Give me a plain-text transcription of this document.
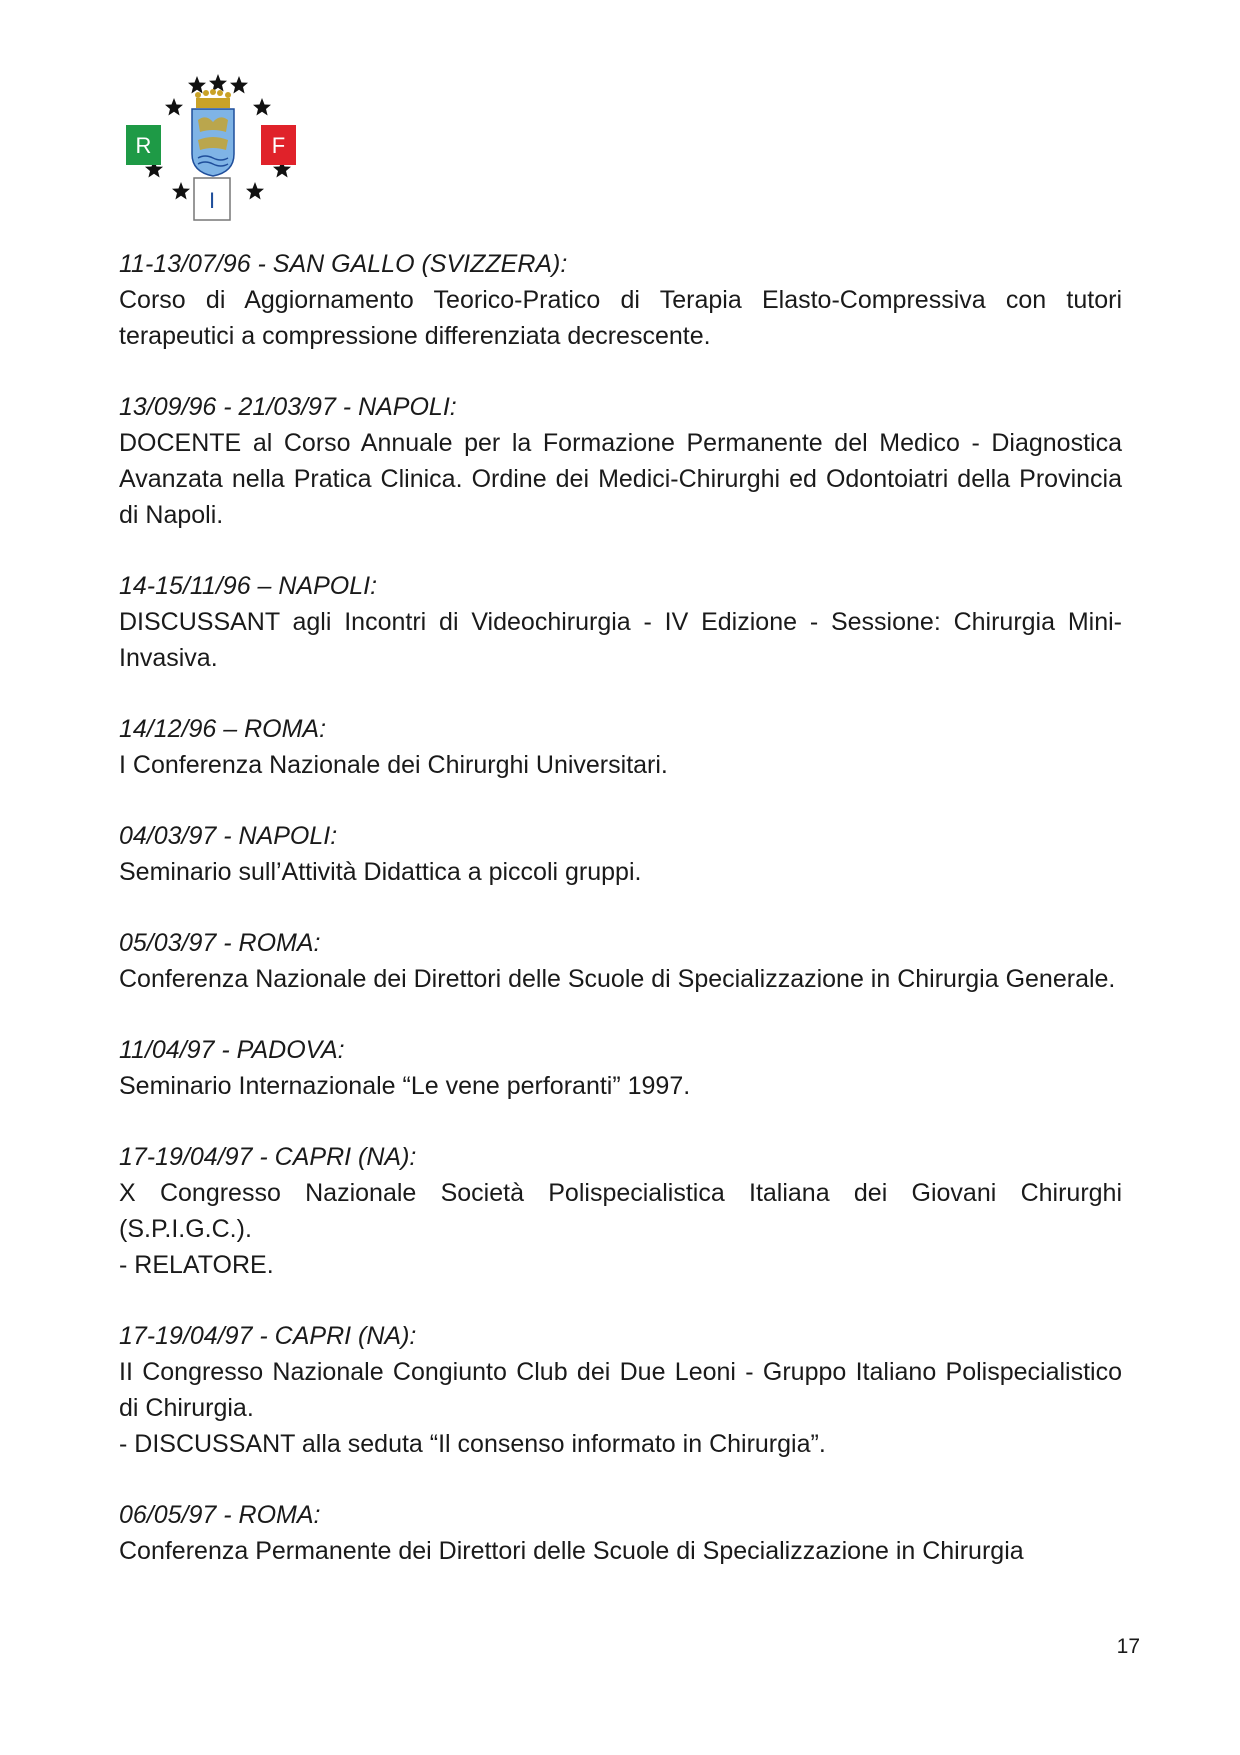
R	F
I

11-13/07/96 - SAN GALLO (SVIZZERA):

Corso di Aggiornamento Teorico-Pratico di Terapia Elasto-Compressiva con tutori terapeutici a compressione differenziata decrescente.

13/09/96 - 21/03/97 - NAPOLI:

DOCENTE al Corso Annuale per la Formazione Permanente del Medico - Diagnostica Avanzata nella Pratica Clinica. Ordine dei Medici-Chirurghi ed Odontoiatri della Provincia di Napoli.

14-15/11/96 – NAPOLI:

DISCUSSANT agli Incontri di Videochirurgia - IV Edizione - Sessione: Chirurgia Mini-Invasiva.

14/12/96 – ROMA:

I Conferenza Nazionale dei Chirurghi Universitari.

04/03/97 - NAPOLI:

Seminario sull’Attività Didattica a piccoli gruppi.

05/03/97 - ROMA:

Conferenza Nazionale dei Direttori delle Scuole di Specializzazione in Chirurgia Generale.

11/04/97 - PADOVA:

Seminario Internazionale “Le vene perforanti” 1997.

17-19/04/97 - CAPRI (NA):

X Congresso Nazionale Società Polispecialistica Italiana dei Giovani Chirurghi (S.P.I.G.C.).

- RELATORE.

17-19/04/97 - CAPRI (NA):

II Congresso Nazionale Congiunto Club dei Due Leoni - Gruppo Italiano Polispecialistico di Chirurgia.

- DISCUSSANT alla seduta “Il consenso informato in Chirurgia”.

06/05/97 - ROMA:

Conferenza Permanente dei Direttori delle Scuole di Specializzazione in Chirurgia

17
